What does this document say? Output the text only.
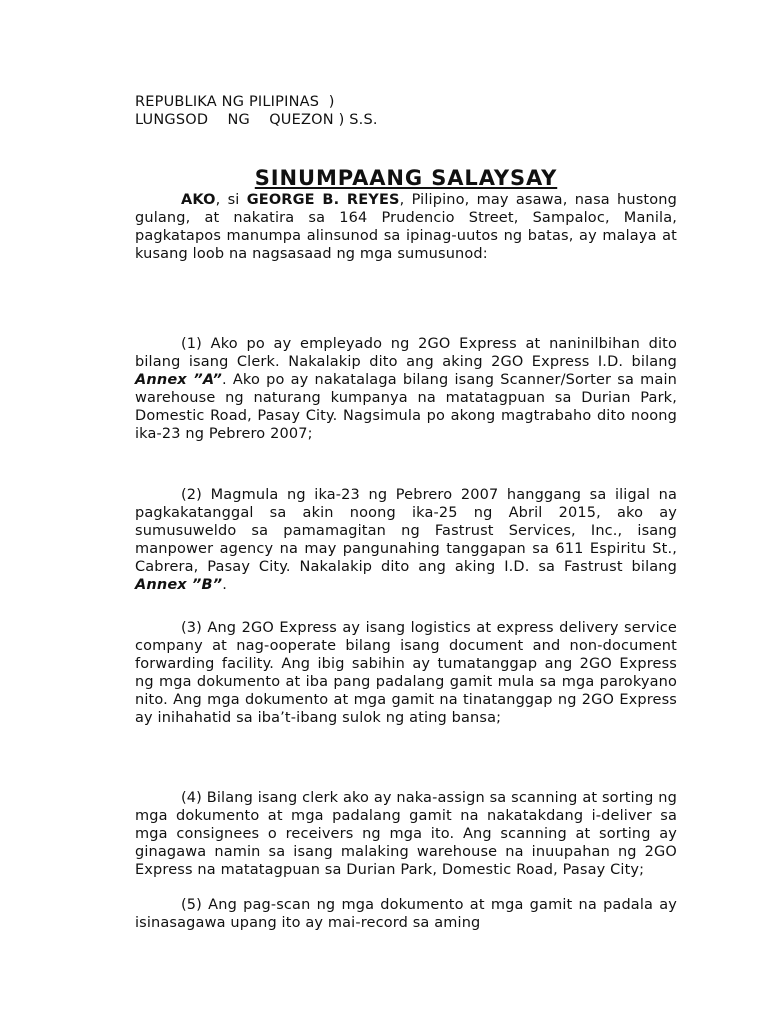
REPUBLIKA NG PILIPINAS  )
LUNGSOD    NG    QUEZON ) S.S.
SINUMPAANG SALAYSAY
AKO, si GEORGE B. REYES, Pilipino, may asawa, nasa hustong gulang, at nakatira sa 164 Prudencio Street, Sampaloc, Manila, pagkatapos manumpa alinsunod sa ipinag-uutos ng batas, ay malaya at kusang loob na nagsasaad ng mga sumusunod:
(1) Ako po ay empleyado ng 2GO Express at naninilbihan dito bilang isang Clerk. Nakalakip dito ang aking 2GO Express I.D. bilang Annex ”A”. Ako po ay nakatalaga bilang isang Scanner/Sorter sa main warehouse ng naturang kumpanya na matatagpuan sa Durian Park, Domestic Road, Pasay City. Nagsimula po akong magtrabaho dito noong ika-23 ng Pebrero 2007;
(2) Magmula ng ika-23 ng Pebrero 2007 hanggang sa iligal na pagkakatanggal sa akin noong ika-25 ng Abril 2015, ako ay sumusuweldo sa pamamagitan ng Fastrust Services, Inc., isang manpower agency na may pangunahing tanggapan sa 611 Espiritu St., Cabrera, Pasay City. Nakalakip dito ang aking I.D. sa Fastrust bilang Annex ”B”.
(3) Ang 2GO Express ay isang logistics at express delivery service company at nag-ooperate bilang isang document and non-document forwarding facility. Ang ibig sabihin ay tumatanggap ang 2GO Express ng mga dokumento at iba pang padalang gamit mula sa mga parokyano nito. Ang mga dokumento at mga gamit na tinatanggap ng 2GO Express ay inihahatid sa iba’t-ibang sulok ng ating bansa;
(4) Bilang isang clerk ako ay naka-assign sa scanning at sorting ng mga dokumento at mga padalang gamit na nakatakdang i-deliver sa mga consignees o receivers ng mga ito. Ang scanning at sorting ay ginagawa namin sa isang malaking warehouse na inuupahan ng 2GO Express na matatagpuan sa Durian Park, Domestic Road, Pasay City;
(5) Ang pag-scan ng mga dokumento at mga gamit na padala ay isinasagawa upang ito ay mai-record sa aming
